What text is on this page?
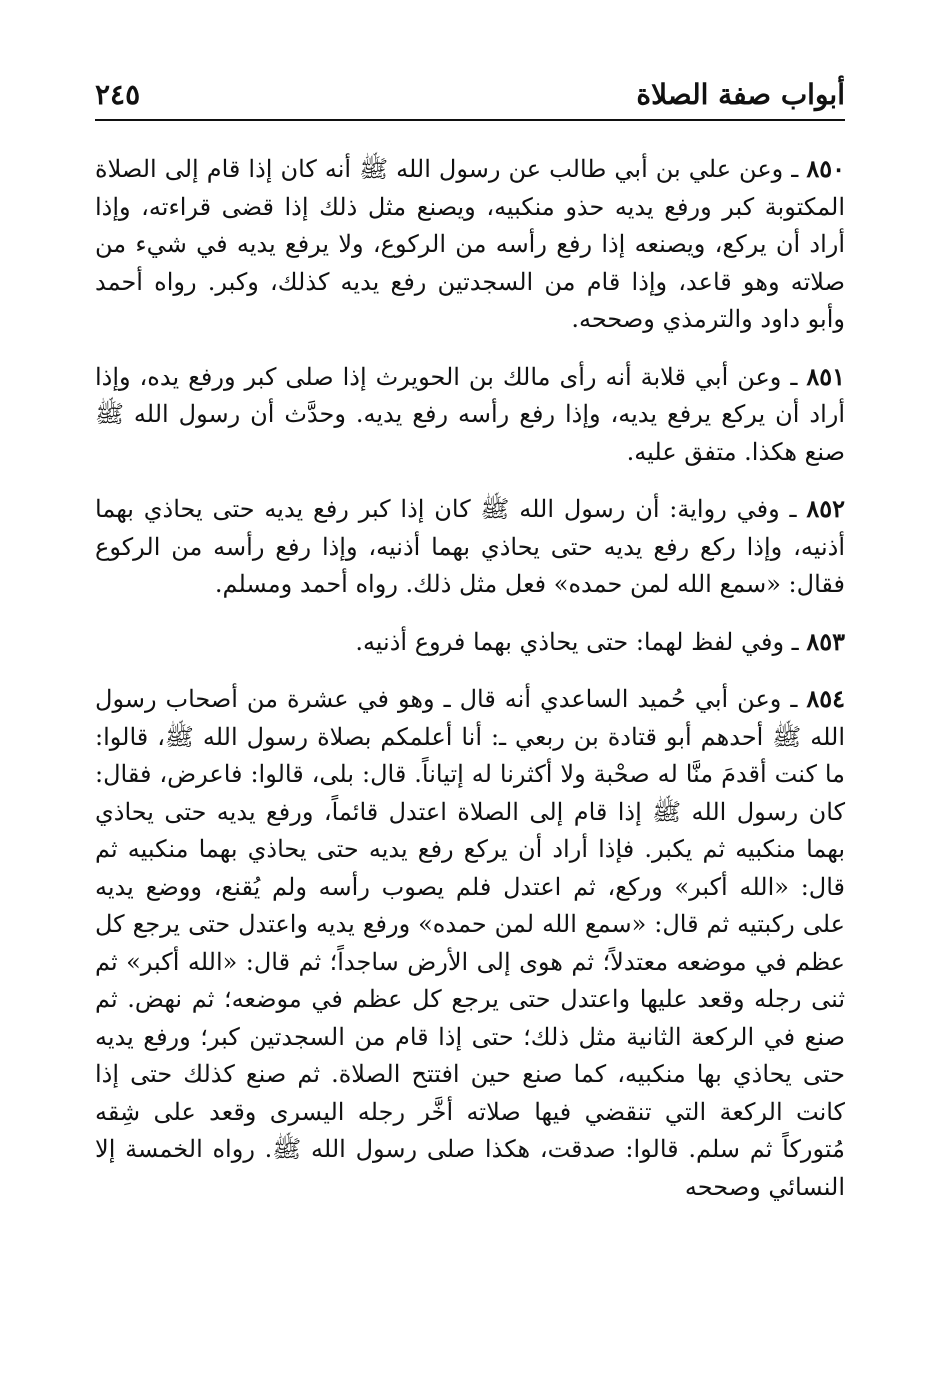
أبواب صفة الصلاة
٢٤٥

٨٥٠ ـ وعن علي بن أبي طالب عن رسول الله ﷺ أنه كان إذا قام إلى الصلاة المكتوبة كبر ورفع يديه حذو منكبيه، ويصنع مثل ذلك إذا قضى قراءته، وإذا أراد أن يركع، ويصنعه إذا رفع رأسه من الركوع، ولا يرفع يديه في شيء من صلاته وهو قاعد، وإذا قام من السجدتين رفع يديه كذلك، وكبر. رواه أحمد وأبو داود والترمذي وصححه.

٨٥١ ـ وعن أبي قلابة أنه رأى مالك بن الحويرث إذا صلى كبر ورفع يده، وإذا أراد أن يركع يرفع يديه، وإذا رفع رأسه رفع يديه. وحدَّث أن رسول الله ﷺ صنع هكذا. متفق عليه.

٨٥٢ ـ وفي رواية: أن رسول الله ﷺ كان إذا كبر رفع يديه حتى يحاذي بهما أذنيه، وإذا ركع رفع يديه حتى يحاذي بهما أذنيه، وإذا رفع رأسه من الركوع فقال: «سمع الله لمن حمده» فعل مثل ذلك. رواه أحمد ومسلم.

٨٥٣ ـ وفي لفظ لهما: حتى يحاذي بهما فروع أذنيه.

٨٥٤ ـ وعن أبي حُميد الساعدي أنه قال ـ وهو في عشرة من أصحاب رسول الله ﷺ أحدهم أبو قتادة بن ربعي ـ: أنا أعلمكم بصلاة رسول الله ﷺ، قالوا: ما كنت أقدمَ منَّا له صحْبة ولا أكثرنا له إتياناً. قال: بلى، قالوا: فاعرض، فقال: كان رسول الله ﷺ إذا قام إلى الصلاة اعتدل قائماً، ورفع يديه حتى يحاذي بهما منكبيه ثم يكبر. فإذا أراد أن يركع رفع يديه حتى يحاذي بهما منكبيه ثم قال: «الله أكبر» وركع، ثم اعتدل فلم يصوب رأسه ولم يُقنع، ووضع يديه على ركبتيه ثم قال: «سمع الله لمن حمده» ورفع يديه واعتدل حتى يرجع كل عظم في موضعه معتدلاً؛ ثم هوى إلى الأرض ساجداً؛ ثم قال: «الله أكبر» ثم ثنى رجله وقعد عليها واعتدل حتى يرجع كل عظم في موضعه؛ ثم نهض. ثم صنع في الركعة الثانية مثل ذلك؛ حتى إذا قام من السجدتين كبر؛ ورفع يديه حتى يحاذي بها منكبيه، كما صنع حين افتتح الصلاة. ثم صنع كذلك حتى إذا كانت الركعة التي تنقضي فيها صلاته أخَّر رجله اليسرى وقعد على شِقه مُتوركاً ثم سلم. قالوا: صدقت، هكذا صلى رسول الله ﷺ. رواه الخمسة إلا النسائي وصححه
